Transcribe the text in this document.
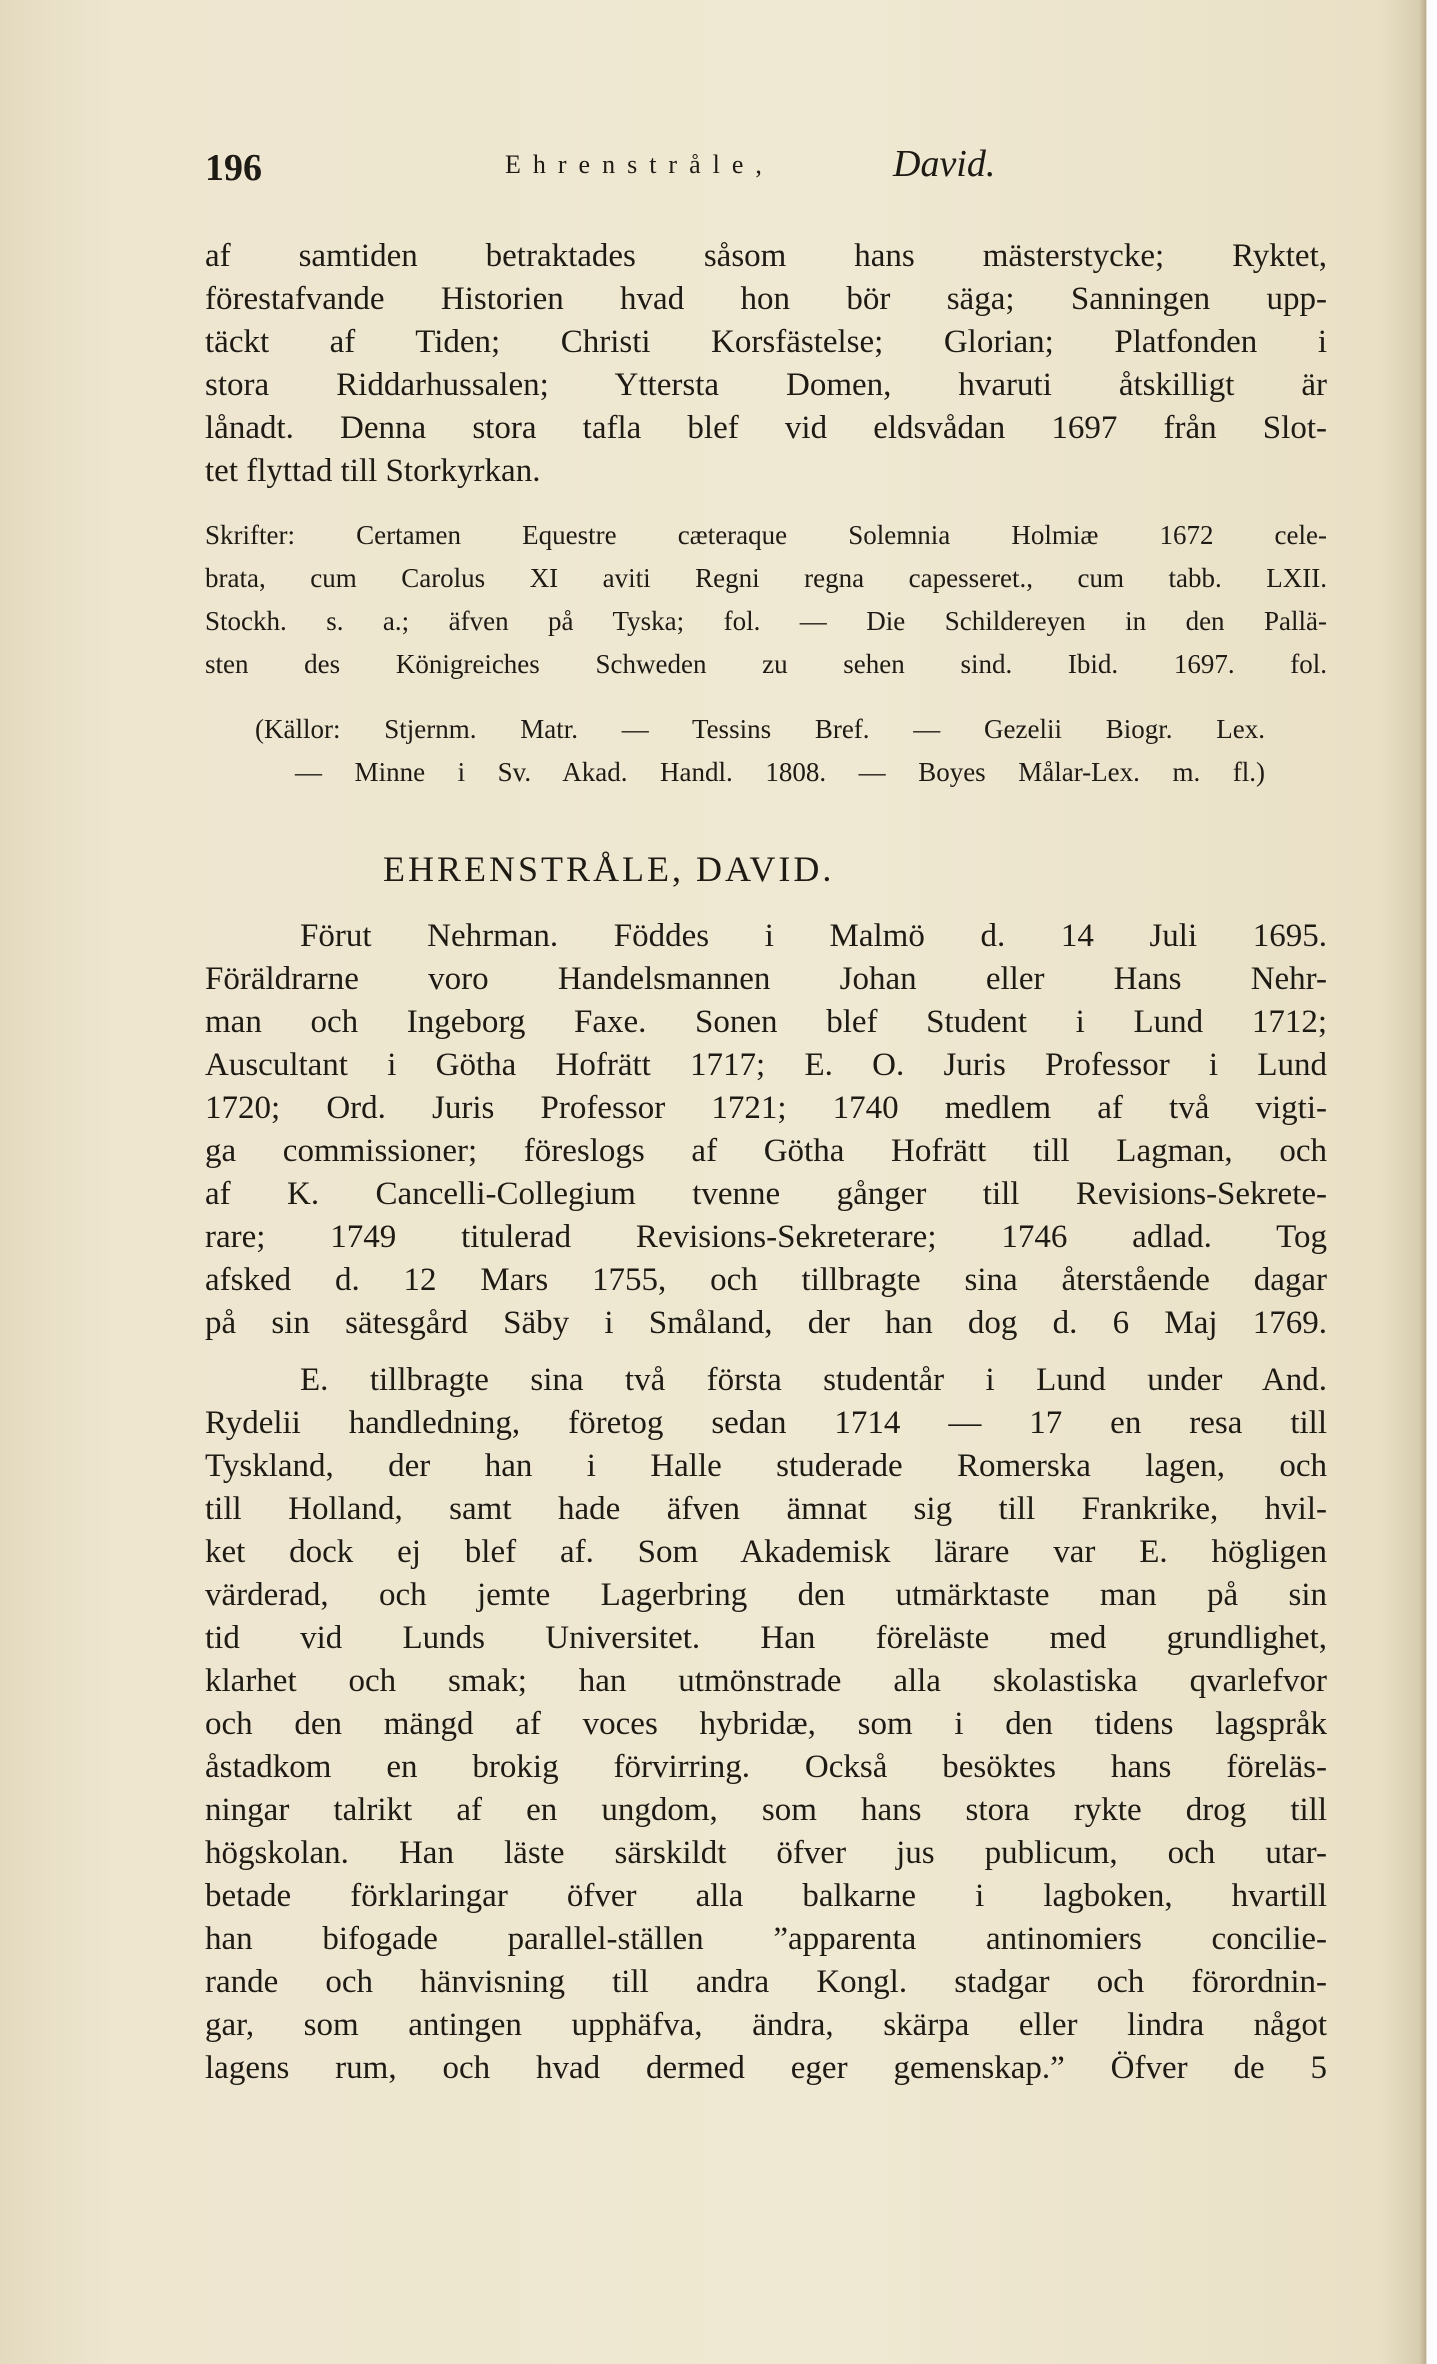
196	Ehrenstråle,	David.
af samtiden betraktades såsom hans mästerstycke; Ryktet,
förestafvande Historien hvad hon bör säga; Sanningen upp-
täckt af Tiden; Christi Korsfästelse; Glorian; Platfonden i
stora Riddarhussalen; Yttersta Domen, hvaruti åtskilligt är
lånadt. Denna stora tafla blef vid eldsvådan 1697 från Slot-
tet flyttad till Storkyrkan.
Skrifter: Certamen Equestre cæteraque Solemnia Holmiæ 1672 cele-
brata, cum Carolus XI aviti Regni regna capesseret., cum tabb. LXII.
Stockh. s. a.; äfven på Tyska; fol. — Die Schildereyen in den Pallä-
sten des Königreiches Schweden zu sehen sind. Ibid. 1697. fol.
(Källor: Stjernm. Matr. — Tessins Bref. — Gezelii Biogr. Lex.
— Minne i Sv. Akad. Handl. 1808. — Boyes Målar-Lex. m. fl.)
EHRENSTRÅLE, DAVID.
Förut Nehrman. Föddes i Malmö d. 14 Juli 1695.
Föräldrarne voro Handelsmannen Johan eller Hans Nehr-
man och Ingeborg Faxe. Sonen blef Student i Lund 1712;
Auscultant i Götha Hofrätt 1717; E. O. Juris Professor i Lund
1720; Ord. Juris Professor 1721; 1740 medlem af två vigti-
ga commissioner; föreslogs af Götha Hofrätt till Lagman, och
af K. Cancelli-Collegium tvenne gånger till Revisions-Sekrete-
rare; 1749 titulerad Revisions-Sekreterare; 1746 adlad. Tog
afsked d. 12 Mars 1755, och tillbragte sina återstående dagar
på sin sätesgård Säby i Småland, der han dog d. 6 Maj 1769.
E. tillbragte sina två första studentår i Lund under And.
Rydelii handledning, företog sedan 1714 — 17 en resa till
Tyskland, der han i Halle studerade Romerska lagen, och
till Holland, samt hade äfven ämnat sig till Frankrike, hvil-
ket dock ej blef af. Som Akademisk lärare var E. högligen
värderad, och jemte Lagerbring den utmärktaste man på sin
tid vid Lunds Universitet. Han föreläste med grundlighet,
klarhet och smak; han utmönstrade alla skolastiska qvarlefvor
och den mängd af voces hybridæ, som i den tidens lagspråk
åstadkom en brokig förvirring. Också besöktes hans föreläs-
ningar talrikt af en ungdom, som hans stora rykte drog till
högskolan. Han läste särskildt öfver jus publicum, och utar-
betade förklaringar öfver alla balkarne i lagboken, hvartill
han bifogade parallel-ställen ”apparenta antinomiers concilie-
rande och hänvisning till andra Kongl. stadgar och förordnin-
gar, som antingen upphäfva, ändra, skärpa eller lindra något
lagens rum, och hvad dermed eger gemenskap.” Öfver de 5
